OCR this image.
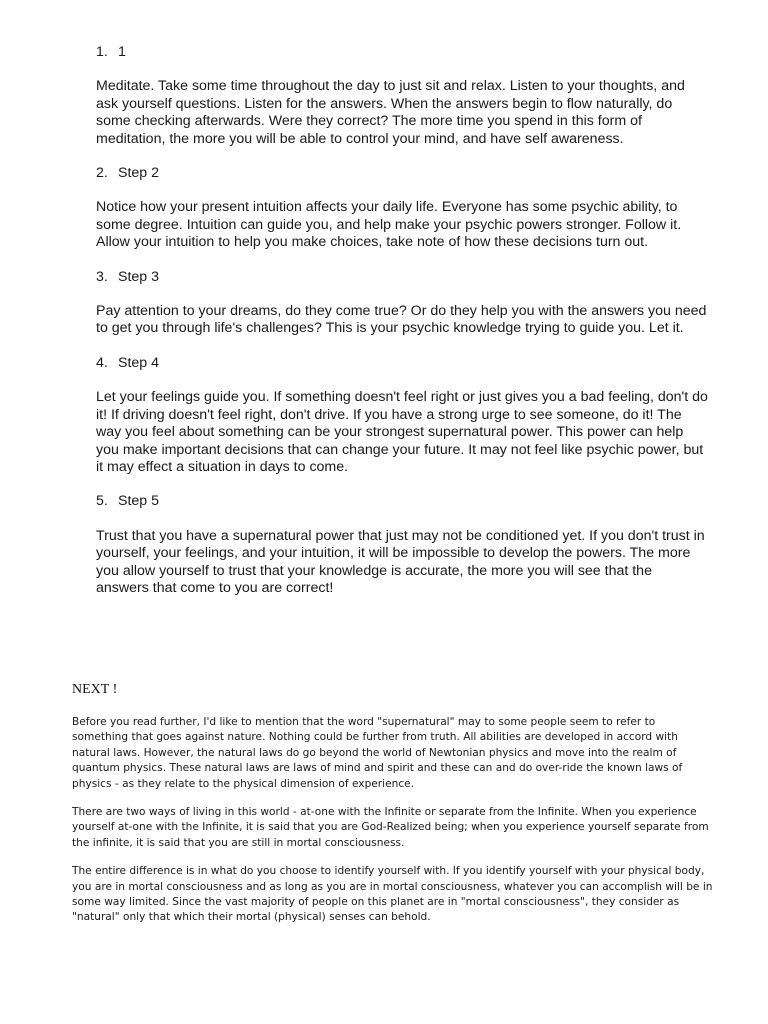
1. 1

Meditate. Take some time throughout the day to just sit and relax. Listen to your thoughts, and
ask yourself questions. Listen for the answers. When the answers begin to flow naturally, do
some checking afterwards. Were they correct? The more time you spend in this form of
meditation, the more you will be able to control your mind, and have self awareness.

2. Step 2

Notice how your present intuition affects your daily life. Everyone has some psychic ability, to
some degree. Intuition can guide you, and help make your psychic powers stronger. Follow it.
Allow your intuition to help you make choices, take note of how these decisions turn out.

3. Step 3

Pay attention to your dreams, do they come true? Or do they help you with the answers you need
to get you through life's challenges? This is your psychic knowledge trying to guide you. Let it.

4. Step 4

Let your feelings guide you. If something doesn't feel right or just gives you a bad feeling, don't do
it! If driving doesn't feel right, don't drive. If you have a strong urge to see someone, do it! The
way you feel about something can be your strongest supernatural power. This power can help
you make important decisions that can change your future. It may not feel like psychic power, but
it may effect a situation in days to come.

5. Step 5

Trust that you have a supernatural power that just may not be conditioned yet. If you don't trust in
yourself, your feelings, and your intuition, it will be impossible to develop the powers. The more
you allow yourself to trust that your knowledge is accurate, the more you will see that the
answers that come to you are correct!

NEXT !

Before you read further, I'd like to mention that the word "supernatural" may to some people seem to refer to
something that goes against nature. Nothing could be further from truth. All abilities are developed in accord with
natural laws. However, the natural laws do go beyond the world of Newtonian physics and move into the realm of
quantum physics. These natural laws are laws of mind and spirit and these can and do over-ride the known laws of
physics - as they relate to the physical dimension of experience.

There are two ways of living in this world - at-one with the Infinite or separate from the Infinite. When you experience
yourself at-one with the Infinite, it is said that you are God-Realized being; when you experience yourself separate from
the infinite, it is said that you are still in mortal consciousness.

The entire difference is in what do you choose to identify yourself with. If you identify yourself with your physical body,
you are in mortal consciousness and as long as you are in mortal consciousness, whatever you can accomplish will be in
some way limited. Since the vast majority of people on this planet are in "mortal consciousness", they consider as
"natural" only that which their mortal (physical) senses can behold.
